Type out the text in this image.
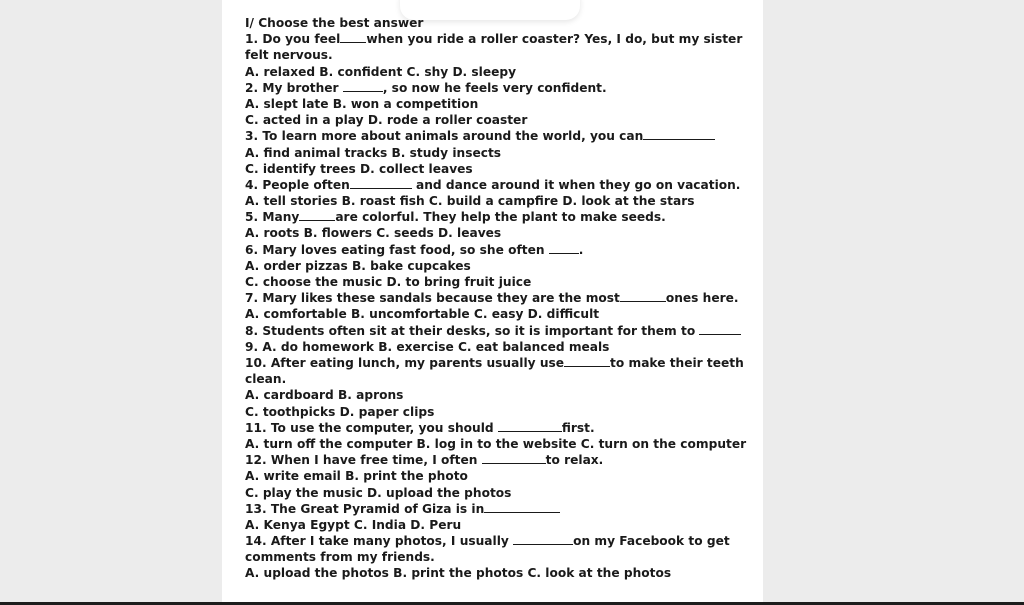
I/ Choose the best answer
1. Do you feel when you ride a roller coaster? Yes, I do, but my sister felt nervous.
A. relaxed B. confident C. shy D. sleepy
2. My brother	, so now he feels very confident.
A. slept late B. won a competition
C. acted in a play D. rode a roller coaster
3. To learn more about animals around the world, you can
A. find animal tracks B. study insects
C. identify trees D. collect leaves
4. People often	and dance around it when they go on vacation.
A. tell stories B. roast fish C. build a campfire D. look at the stars
5. Many	are colorful. They help the plant to make seeds.
A. roots B. flowers C. seeds D. leaves
6. Mary loves eating fast food, so she often .
A. order pizzas B. bake cupcakes
C. choose the music D. to bring fruit juice
7. Mary likes these sandals because they are the most	ones here.
A. comfortable B. uncomfortable C. easy D. difficult
8. Students often sit at their desks, so it is important for them to
9. A. do homework B. exercise C. eat balanced meals
10. After eating lunch, my parents usually use	to make their teeth clean.
A. cardboard B. aprons
C. toothpicks D. paper clips
11. To use the computer, you should	first.
A. turn off the computer B. log in to the website C. turn on the computer
12. When I have free time, I often	to relax.
A. write email B. print the photo
C. play the music D. upload the photos
13. The Great Pyramid of Giza is in
A. Kenya Egypt C. India D. Peru
14. After I take many photos, I usually	on my Facebook to get comments from my friends.
A. upload the photos B. print the photos C. look at the photos
